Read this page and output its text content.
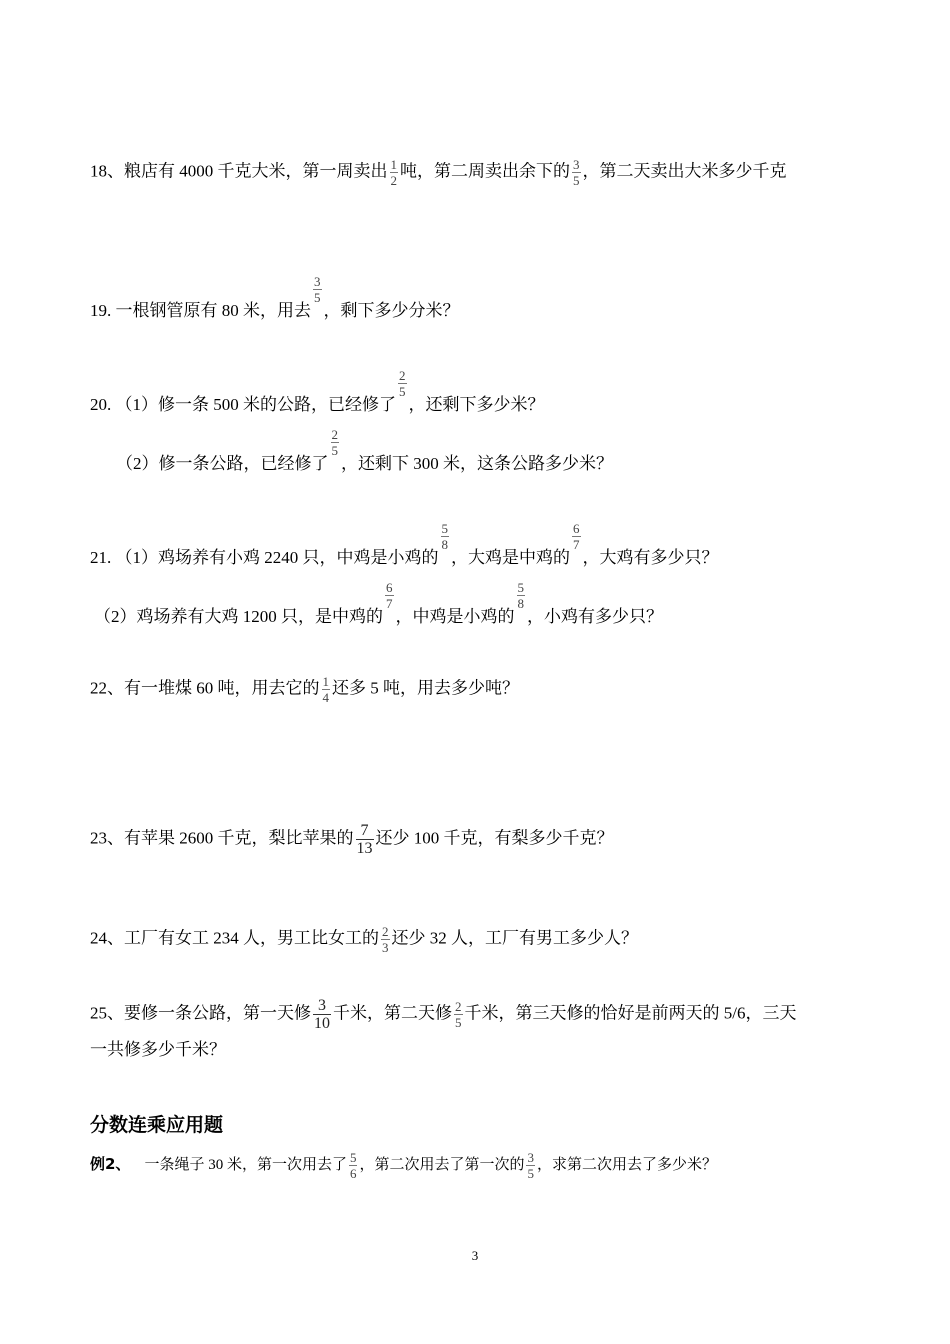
18、粮店有 4000 千克大米，第一周卖出 $\frac{1}{2}$ 吨，第二周卖出余下的 $\frac{3}{5}$ ，第二天卖出大米多少千克
19. 一根钢管原有 80 米，用去
$\frac{3}{5}$
，剩下多少分米？
20. （1）修一条 500 米的公路，已经修了
$\frac{2}{5}$
，还剩下多少米？
（2）修一条公路，已经修了
$\frac{2}{5}$
，还剩下 300 米，这条公路多少米？
21. （1）鸡场养有小鸡 2240 只，中鸡是小鸡的
$\frac{5}{8}$
，大鸡是中鸡的
$\frac{6}{7}$
，大鸡有多少只？
（2）鸡场养有大鸡 1200 只，是中鸡的
$\frac{6}{7}$
，中鸡是小鸡的
$\frac{5}{8}$
，小鸡有多少只？
22、有一堆煤 60 吨，用去它的 $\frac{1}{4}$ 还多 5 吨，用去多少吨？
23、有苹果 2600 千克，梨比苹果的 $\frac{7}{13}$ 还少 100 千克，有梨多少千克？
24、工厂有女工 234 人，男工比女工的 $\frac{2}{3}$ 还少 32 人，工厂有男工多少人？
25、要修一条公路，第一天修 $\frac{3}{10}$ 千米，第二天修 $\frac{2}{5}$ 千米，第三天修的恰好是前两天的 5/6，三天
一共修多少千米？
分数连乘应用题
例2、 一条绳子 30 米，第一次用去了 $\frac{5}{6}$ ，第二次用去了第一次的 $\frac{3}{5}$ ，求第二次用去了多少米？
3
